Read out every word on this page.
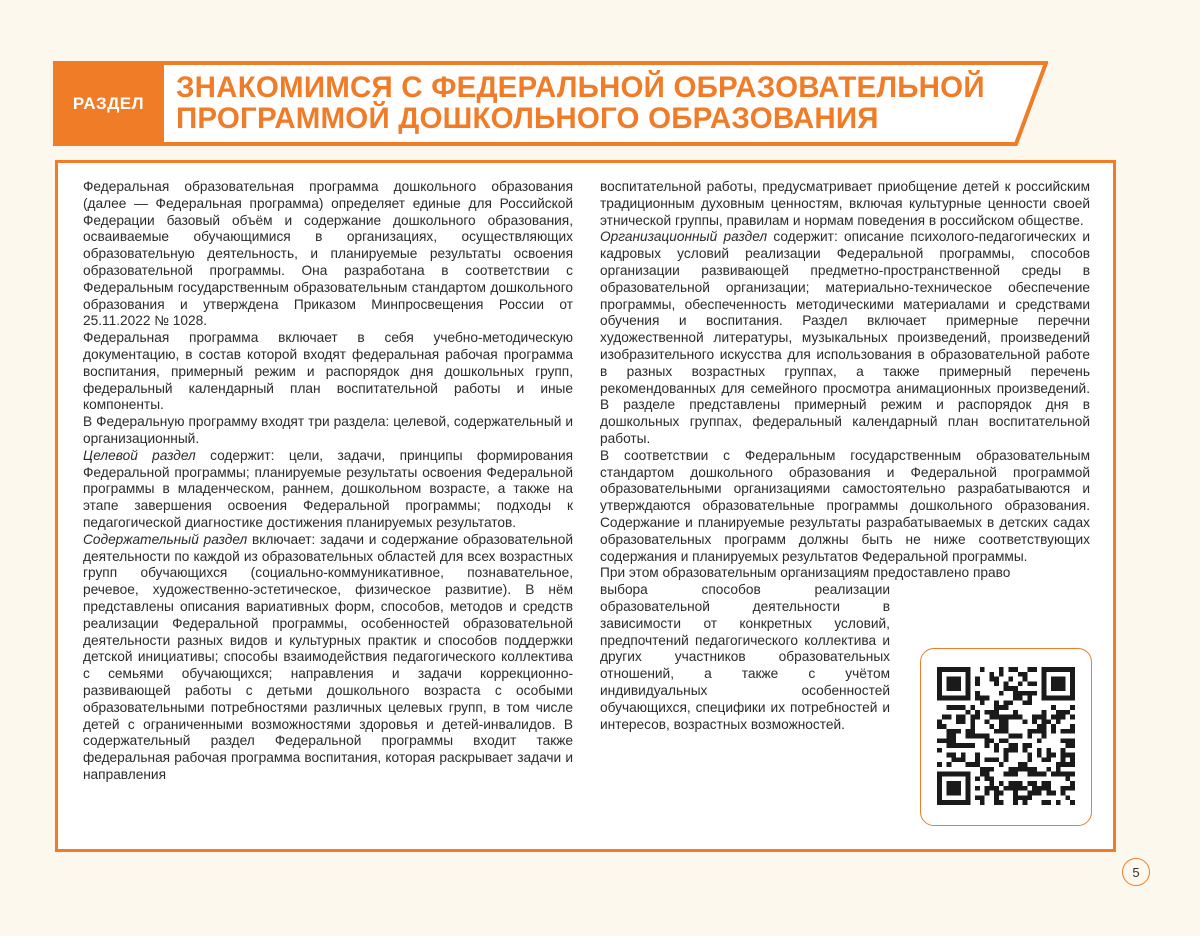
РАЗДЕЛ	ЗНАКОМИМСЯ С ФЕДЕРАЛЬНОЙ ОБРАЗОВАТЕЛЬНОЙ
ПРОГРАММОЙ ДОШКОЛЬНОГО ОБРАЗОВАНИЯ

Федеральная образовательная программа дошкольного образования (далее — Федеральная программа) определяет единые для Российской Федерации базовый объём и содержание дошкольного образования, осваиваемые обучающимися в организациях, осуществляющих образовательную деятельность, и планируемые результаты освоения образовательной программы. Она разработана в соответствии с Федеральным государственным образовательным стандартом дошкольного образования и утверждена Приказом Минпросвещения России от 25.11.2022 № 1028.

Федеральная программа включает в себя учебно-методическую документацию, в состав которой входят федеральная рабочая программа воспитания, примерный режим и распорядок дня дошкольных групп, федеральный календарный план воспитательной работы и иные компоненты.

В Федеральную программу входят три раздела: целевой, содержательный и организационный.

Целевой раздел содержит: цели, задачи, принципы формирования Федеральной программы; планируемые результаты освоения Федеральной программы в младенческом, раннем, дошкольном возрасте, а также на этапе завершения освоения Федеральной программы; подходы к педагогической диагностике достижения планируемых результатов.

Содержательный раздел включает: задачи и содержание образовательной деятельности по каждой из образовательных областей для всех возрастных групп обучающихся (социально-коммуникативное, познавательное, речевое, художественно-эстетическое, физическое развитие). В нём представлены описания вариативных форм, способов, методов и средств реализации Федеральной программы, особенностей образовательной деятельности разных видов и культурных практик и способов поддержки детской инициативы; способы взаимодействия педагогического коллектива с семьями обучающихся; направления и задачи коррекционно-развивающей работы с детьми дошкольного возраста с особыми образовательными потребностями различных целевых групп, в том числе детей с ограниченными возможностями здоровья и детей-инвалидов. В содержательный раздел Федеральной программы входит также федеральная рабочая программа воспитания, которая раскрывает задачи и направления

воспитательной работы, предусматривает приобщение детей к российским традиционным духовным ценностям, включая культурные ценности своей этнической группы, правилам и нормам поведения в российском обществе.

Организационный раздел содержит: описание психолого-педагогических и кадровых условий реализации Федеральной программы, способов организации развивающей предметно-пространственной среды в образовательной организации; материально-техническое обеспечение программы, обеспеченность методическими материалами и средствами обучения и воспитания. Раздел включает примерные перечни художественной литературы, музыкальных произведений, произведений изобразительного искусства для использования в образовательной работе в разных возрастных группах, а также примерный перечень рекомендованных для семейного просмотра анимационных произведений. В разделе представлены примерный режим и распорядок дня в дошкольных группах, федеральный календарный план воспитательной работы.

В соответствии с Федеральным государственным образовательным стандартом дошкольного образования и Федеральной программой образовательными организациями самостоятельно разрабатываются и утверждаются образовательные программы дошкольного образования. Содержание и планируемые результаты разрабатываемых в детских садах образовательных программ должны быть не ниже соответствующих содержания и планируемых результатов Федеральной программы.

При этом образовательным организациям предоставлено право

выбора способов реализации образовательной деятельности в зависимости от конкретных условий, предпочтений педагогического коллектива и других участников образовательных отношений, а также с учётом индивидуальных особенностей обучающихся, специфики их потребностей и интересов, возрастных возможностей.

5
